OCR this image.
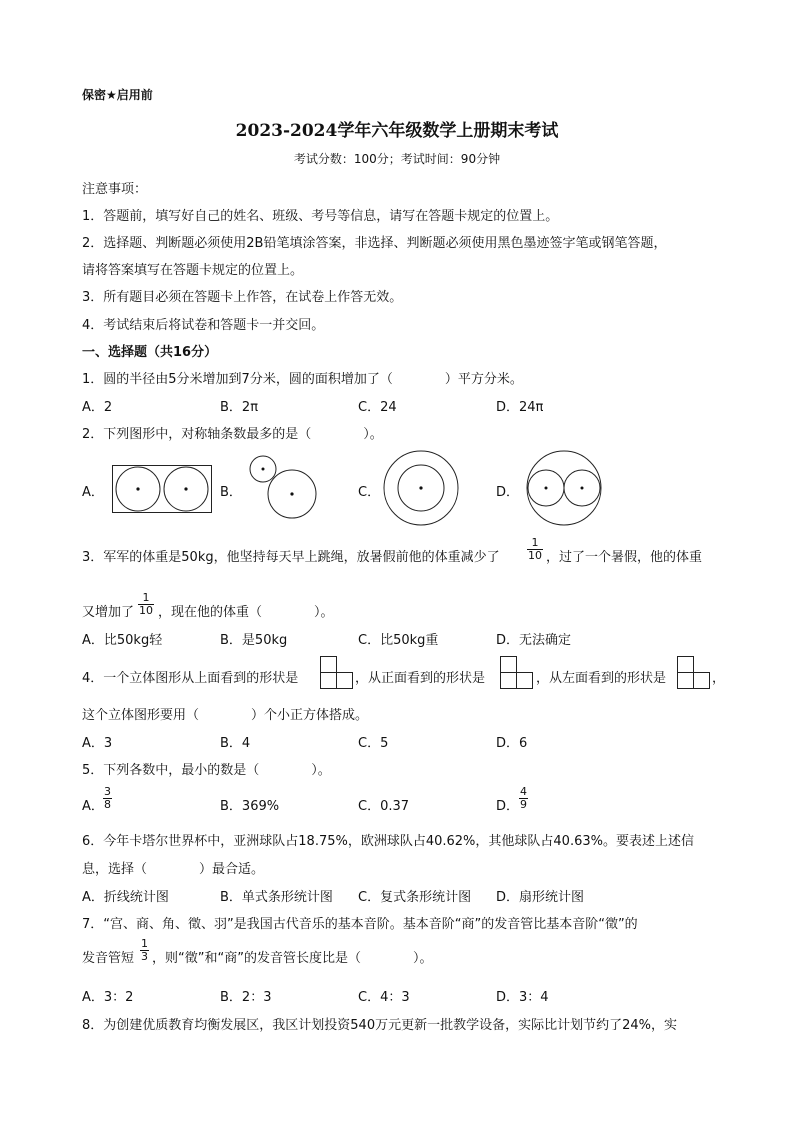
保密★启用前
2023-2024学年六年级数学上册期末考试
考试分数：100分；考试时间：90分钟
注意事项：
1．答题前，填写好自己的姓名、班级、考号等信息，请写在答题卡规定的位置上。
2．选择题、判断题必须使用2B铅笔填涂答案，非选择、判断题必须使用黑色墨迹签字笔或钢笔答题，
请将答案填写在答题卡规定的位置上。
3．所有题目必须在答题卡上作答，在试卷上作答无效。
4．考试结束后将试卷和答题卡一并交回。
一、选择题（共16分）
1．圆的半径由5分米增加到7分米，圆的面积增加了（　　　　）平方分米。
A．2	B．2π	C．24	D．24π
2．下列图形中，对称轴条数最多的是（　　　　）。
A．	B．	C．	D．
3．军军的体重是50kg，他坚持每天早上跳绳，放暑假前他的体重减少了
1
10 ，过了一个暑假，他的体重
又增加了
1
10 ，现在他的体重（　　　　）。
A．比50kg轻	B．是50kg	C．比50kg重	D．无法确定
4．一个立体图形从上面看到的形状是	，从正面看到的形状是	，从左面看到的形状是	，
这个立体图形要用（　　　　）个小正方体搭成。
A．3	B．4	C．5	D．6
5．下列各数中，最小的数是（　　　　）。
A．
3
8	B．369%	C．0.37	D．
4
9
6．今年卡塔尔世界杯中，亚洲球队占18.75%，欧洲球队占40.62%，其他球队占40.63%。要表述上述信
息，选择（　　　　）最合适。
A．折线统计图	B．单式条形统计图 C．复式条形统计图 D．扇形统计图
7．“宫、商、角、徵、羽”是我国古代音乐的基本音阶。基本音阶“商”的发音管比基本音阶“徵”的
发音管短
1
3 ，则“徵”和“商”的发音管长度比是（　　　　）。
A．3：2	B．2：3	C．4：3	D．3：4
8．为创建优质教育均衡发展区，我区计划投资540万元更新一批教学设备，实际比计划节约了24%，实
